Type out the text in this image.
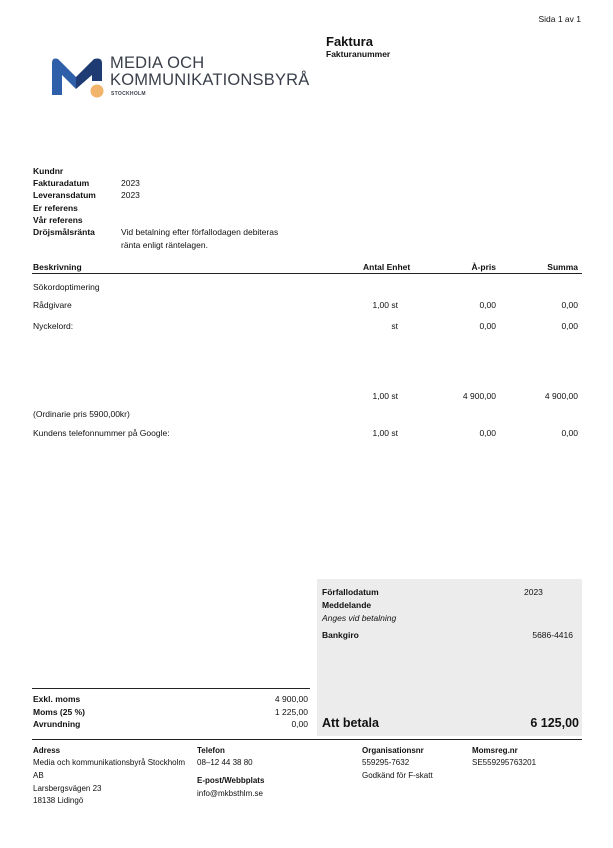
Sida 1 av 1
Faktura
Fakturanummer
MEDIA OCH
KOMMUNIKATIONSBYRÅ
STOCKHOLM
Kundnr
Fakturadatum	2023
Leveransdatum	2023
Er referens
Vår referens
Dröjsmålsränta	Vid betalning efter förfallodagen debiteras
ränta enligt räntelagen.
Beskrivning	Antal Enhet	À-pris	Summa
Sökordoptimering
Rådgivare	1,00 st	0,00	0,00
Nyckelord:	st	0,00	0,00
1,00 st	4 900,00	4 900,00
(Ordinarie pris 5900,00kr)
Kundens telefonnummer på Google:	1,00 st	0,00	0,00
Förfallodatum	2023
Meddelande
Anges vid betalning
Bankgiro	5686-4416
Att betala	6 125,00
Exkl. moms	4 900,00
Moms (25 %)	1 225,00
Avrundning	0,00
Adress
Media och kommunikationsbyrå Stockholm
AB
Larsbergsvägen 23
18138 Lidingö
Telefon
08–12 44 38 80
E-post/Webbplats
info@mkbsthlm.se
Organisationsnr
559295-7632
Godkänd för F-skatt
Momsreg.nr
SE559295763201
